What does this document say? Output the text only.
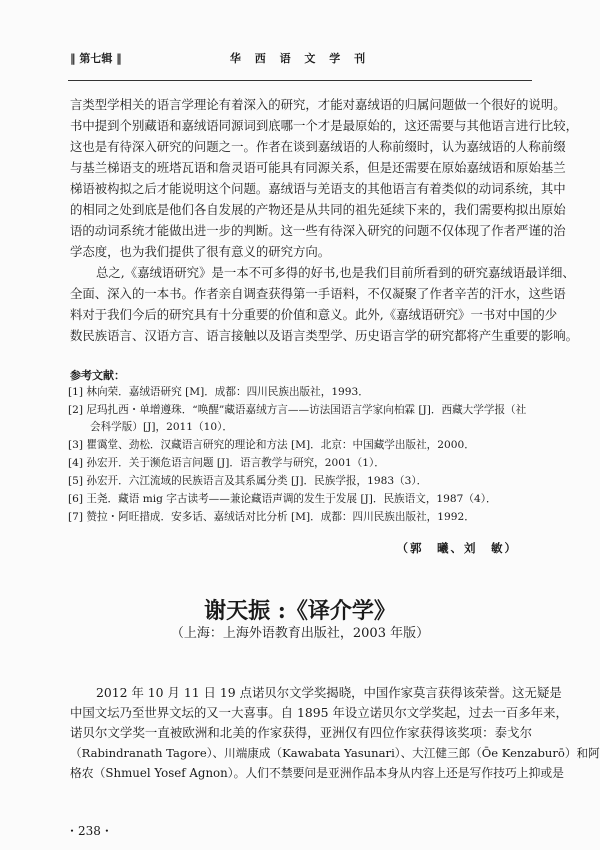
‖ 第七辑 ‖	华 西 语 文 学 刊
言类型学相关的语言学理论有着深入的研究，才能对嘉绒语的归属问题做一个很好的说明。
书中提到个别藏语和嘉绒语同源词到底哪一个才是最原始的，这还需要与其他语言进行比较，
这也是有待深入研究的问题之一。作者在谈到嘉绒语的人称前缀时，认为嘉绒语的人称前缀
与基兰梯语支的班塔瓦语和詹灵语可能具有同源关系，但是还需要在原始嘉绒语和原始基兰
梯语被构拟之后才能说明这个问题。嘉绒语与羌语支的其他语言有着类似的动词系统，其中
的相同之处到底是他们各自发展的产物还是从共同的祖先延续下来的，我们需要构拟出原始
语的动词系统才能做出进一步的判断。这一些有待深入研究的问题不仅体现了作者严谨的治
学态度，也为我们提供了很有意义的研究方向。
总之,《嘉绒语研究》是一本不可多得的好书,也是我们目前所看到的研究嘉绒语最详细、
全面、深入的一本书。作者亲自调查获得第一手语料，不仅凝聚了作者辛苦的汗水，这些语
料对于我们今后的研究具有十分重要的价值和意义。此外,《嘉绒语研究》一书对中国的少
数民族语言、汉语方言、语言接触以及语言类型学、历史语言学的研究都将产生重要的影响。
参考文献：
[1] 林向荣．嘉绒语研究 [M]．成都：四川民族出版社，1993．
[2] 尼玛扎西・单增遵珠．“唤醒”藏语嘉绒方言——访法国语言学家向柏霖 [J]．西藏大学学报（社
会科学版）[J]，2011（10）．
[3] 瞿霭堂、劲松．汉藏语言研究的理论和方法 [M]．北京：中国藏学出版社，2000．
[4] 孙宏开．关于濒危语言问题 [J]．语言教学与研究，2001（1）．
[5] 孙宏开．六江流域的民族语言及其系属分类 [J]．民族学报，1983（3）．
[6] 王尧．藏语 mig 字古读考——兼论藏语声调的发生于发展 [J]．民族语文，1987（4）．
[7] 赞拉・阿旺措成．安多话、嘉绒话对比分析 [M]．成都：四川民族出版社，1992．
（郭　曦、刘　敏）
谢天振 :《译介学》
（上海：上海外语教育出版社，2003 年版）
2012 年 10 月 11 日 19 点诺贝尔文学奖揭晓，中国作家莫言获得该荣誉。这无疑是
中国文坛乃至世界文坛的又一大喜事。自 1895 年设立诺贝尔文学奖起，过去一百多年来，
诺贝尔文学奖一直被欧洲和北美的作家获得，亚洲仅有四位作家获得该奖项：泰戈尔
（Rabindranath Tagore）、川端康成（Kawabata Yasunari）、大江健三郎（Ōe Kenzaburō）和阿
格农（Shmuel Yosef Agnon）。人们不禁要问是亚洲作品本身从内容上还是写作技巧上抑或是
・238・
